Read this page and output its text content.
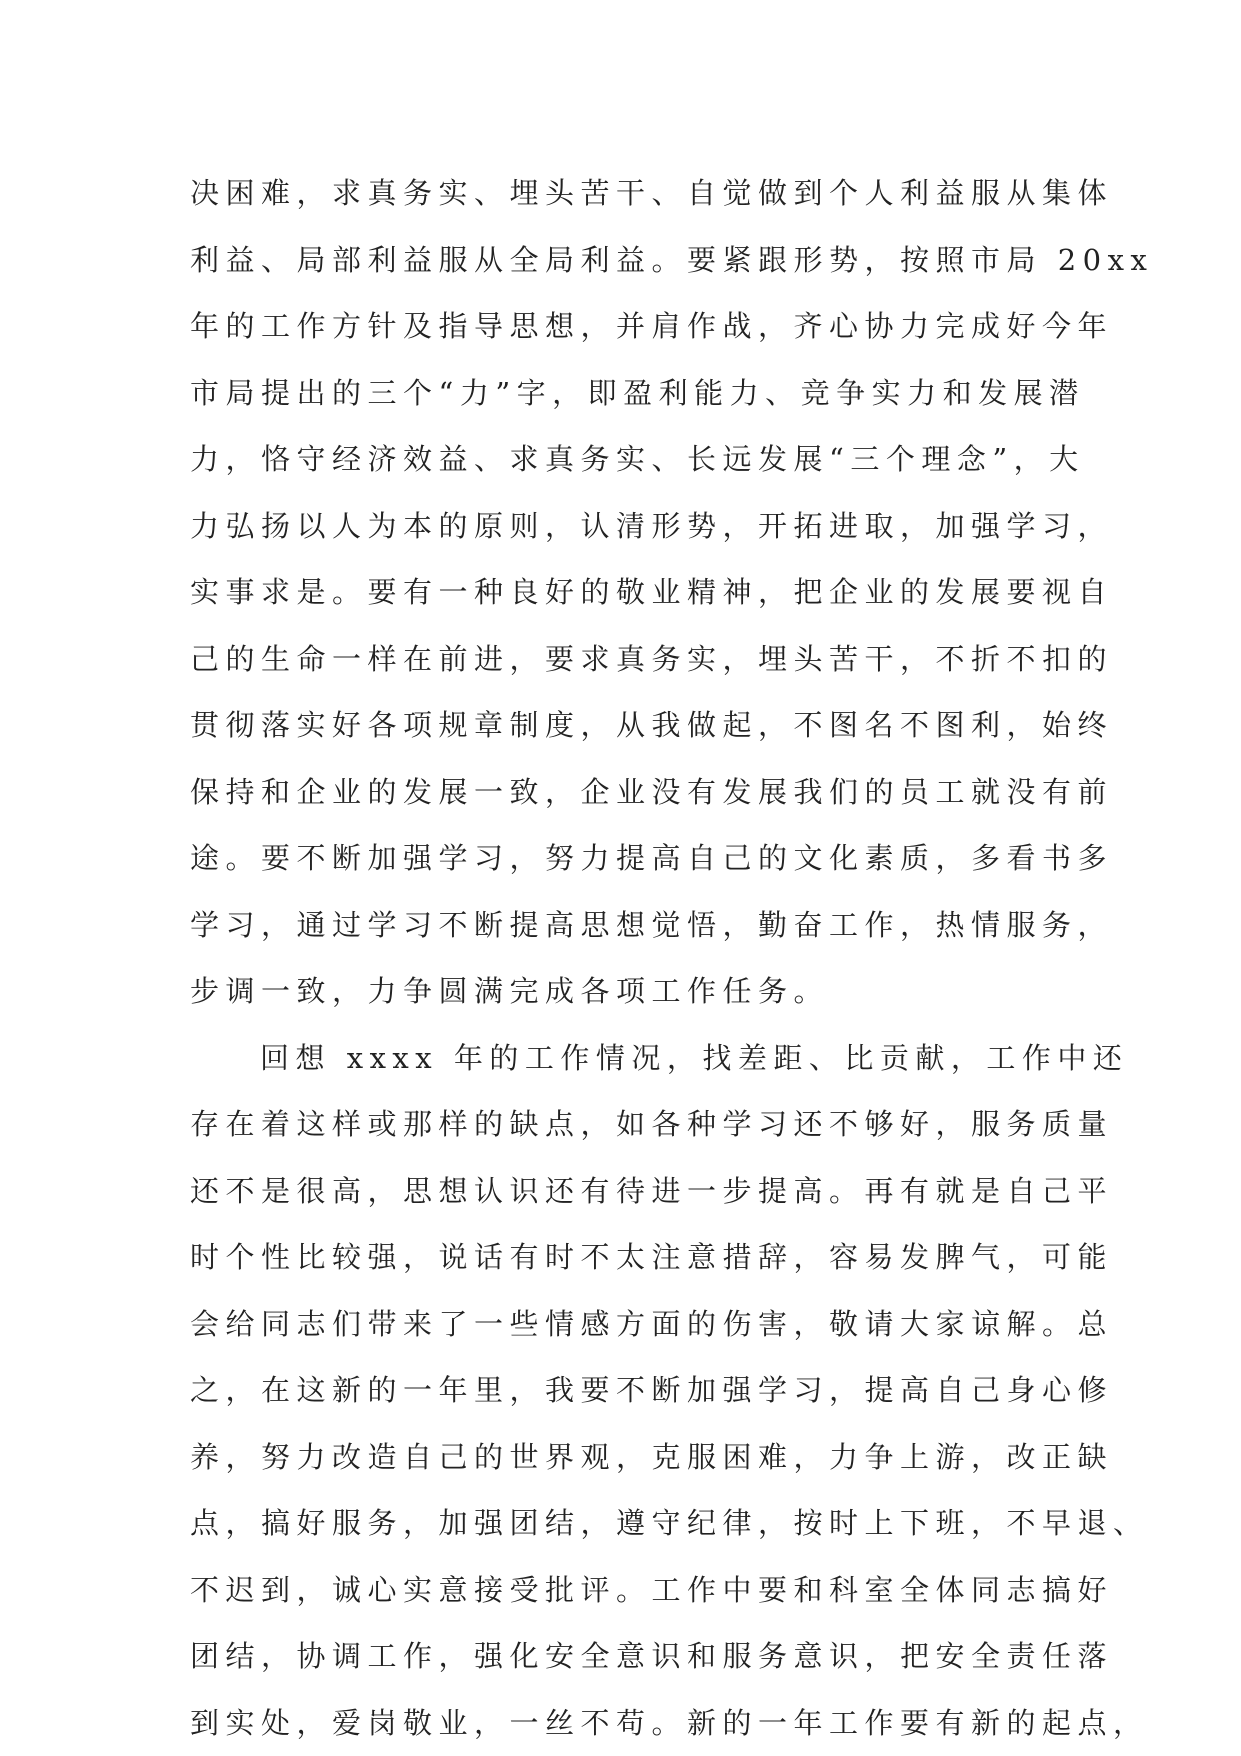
决困难，求真务实、埋头苦干、自觉做到个人利益服从集体
利益、局部利益服从全局利益。要紧跟形势，按照市局 20xx
年的工作方针及指导思想，并肩作战，齐心协力完成好今年
市局提出的三个“力”字，即盈利能力、竞争实力和发展潜
力，恪守经济效益、求真务实、长远发展“三个理念”，大
力弘扬以人为本的原则，认清形势，开拓进取，加强学习，
实事求是。要有一种良好的敬业精神，把企业的发展要视自
己的生命一样在前进，要求真务实，埋头苦干，不折不扣的
贯彻落实好各项规章制度，从我做起，不图名不图利，始终
保持和企业的发展一致，企业没有发展我们的员工就没有前
途。要不断加强学习，努力提高自己的文化素质，多看书多
学习，通过学习不断提高思想觉悟，勤奋工作，热情服务，
步调一致，力争圆满完成各项工作任务。
回想 xxxx 年的工作情况，找差距、比贡献，工作中还
存在着这样或那样的缺点，如各种学习还不够好，服务质量
还不是很高，思想认识还有待进一步提高。再有就是自己平
时个性比较强，说话有时不太注意措辞，容易发脾气，可能
会给同志们带来了一些情感方面的伤害，敬请大家谅解。总
之，在这新的一年里，我要不断加强学习，提高自己身心修
养，努力改造自己的世界观，克服困难，力争上游，改正缺
点，搞好服务，加强团结，遵守纪律，按时上下班，不早退、
不迟到，诚心实意接受批评。工作中要和科室全体同志搞好
团结，协调工作，强化安全意识和服务意识，把安全责任落
到实处，爱岗敬业，一丝不苟。新的一年工作要有新的起点，
